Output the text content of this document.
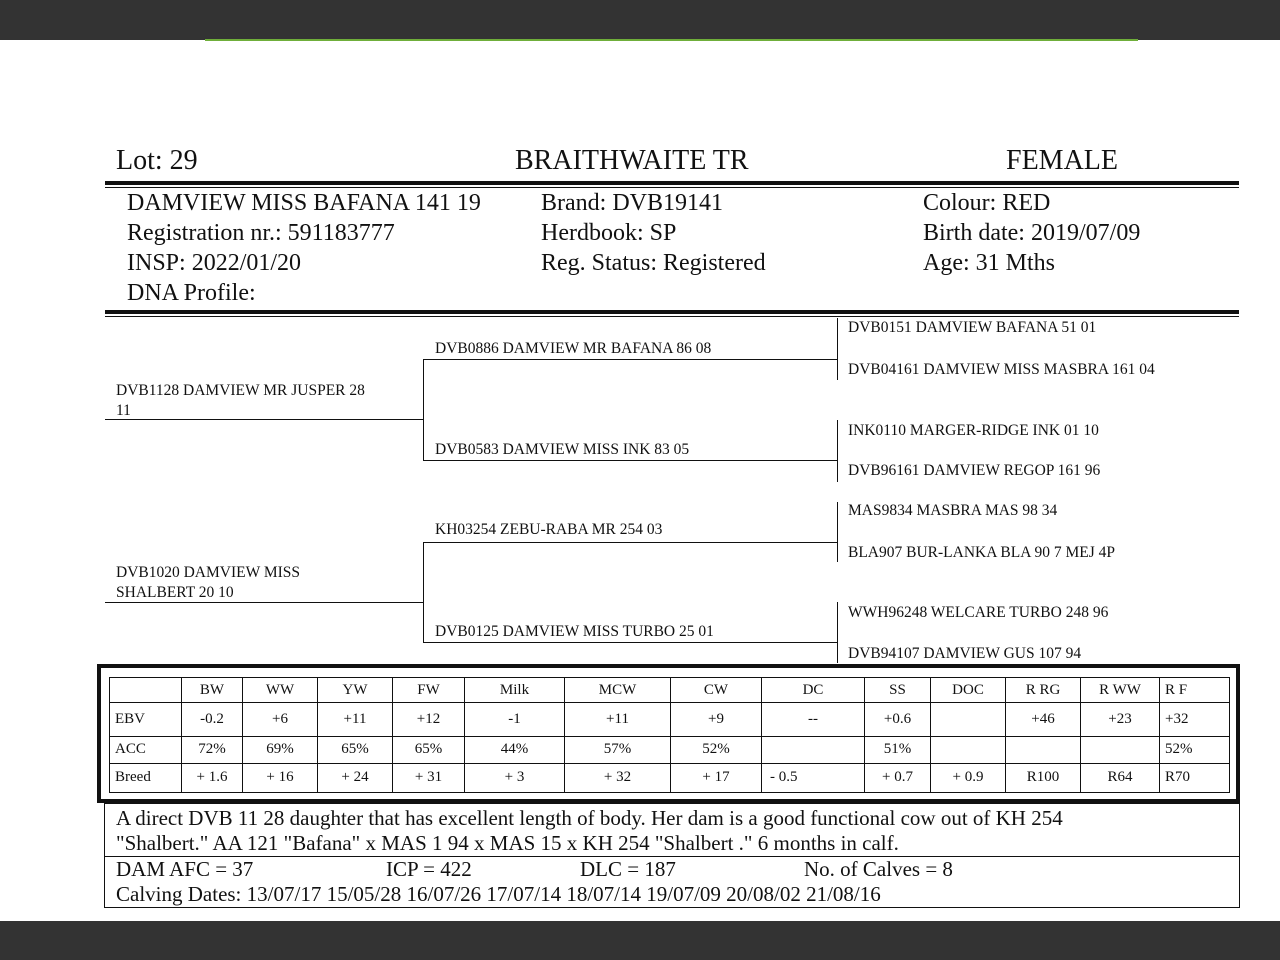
Lot: 29	BRAITHWAITE TR	FEMALE
DAMVIEW MISS BAFANA 141 19
Registration nr.: 591183777
INSP: 2022/01/20
DNA Profile:
Brand: DVB19141
Herdbook: SP
Reg. Status: Registered
Colour: RED
Birth date: 2019/07/09
Age: 31 Mths
DVB1128 DAMVIEW MR JUSPER 28
11
DVB1020 DAMVIEW MISS
SHALBERT 20 10
DVB0886 DAMVIEW MR BAFANA 86 08
DVB0583 DAMVIEW MISS INK 83 05
KH03254 ZEBU-RABA MR 254 03
DVB0125 DAMVIEW MISS TURBO 25 01
DVB0151 DAMVIEW BAFANA 51 01
DVB04161 DAMVIEW MISS MASBRA 161 04
INK0110 MARGER-RIDGE INK 01 10
DVB96161 DAMVIEW REGOP 161 96
MAS9834 MASBRA MAS 98 34
BLA907 BUR-LANKA BLA 90 7 MEJ 4P
WWH96248 WELCARE TURBO 248 96
DVB94107 DAMVIEW GUS 107 94
	BW	WW	YW	FW	Milk	MCW	CW	DC	SS	DOC	R RG	R WW	R F
EBV	-0.2	+6	+11	+12	-1	+11	+9	--	+0.6		+46	+23	+32
ACC	72%	69%	65%	65%	44%	57%	52%		51%				52%
Breed	+ 1.6	+ 16	+ 24	+ 31	+ 3	+ 32	+ 17	- 0.5	+ 0.7	+ 0.9	R100	R64	R70
A direct DVB 11 28 daughter that has excellent length of body. Her dam is a good functional cow out of KH 254
"Shalbert." AA 121 "Bafana" x MAS 1 94 x MAS 15 x KH 254 "Shalbert ." 6 months in calf.
DAM AFC = 37	ICP = 422	DLC = 187	No. of Calves = 8
Calving Dates: 13/07/17 15/05/28 16/07/26 17/07/14 18/07/14 19/07/09 20/08/02 21/08/16
